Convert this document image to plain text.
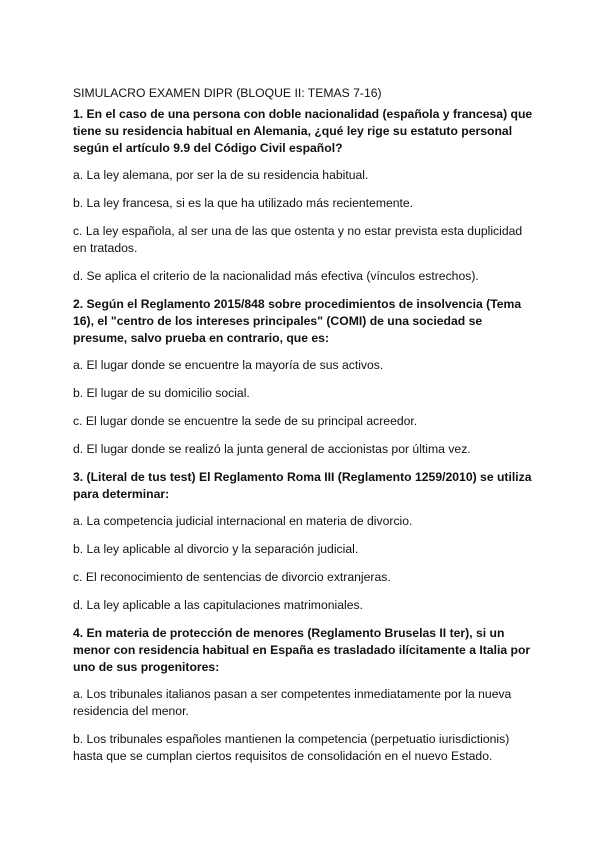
SIMULACRO EXAMEN DIPR (BLOQUE II: TEMAS 7-16)
1. En el caso de una persona con doble nacionalidad (española y francesa) que tiene su residencia habitual en Alemania, ¿qué ley rige su estatuto personal según el artículo 9.9 del Código Civil español?
a. La ley alemana, por ser la de su residencia habitual.
b. La ley francesa, si es la que ha utilizado más recientemente.
c. La ley española, al ser una de las que ostenta y no estar prevista esta duplicidad en tratados.
d. Se aplica el criterio de la nacionalidad más efectiva (vínculos estrechos).
2. Según el Reglamento 2015/848 sobre procedimientos de insolvencia (Tema 16), el "centro de los intereses principales" (COMI) de una sociedad se presume, salvo prueba en contrario, que es:
a. El lugar donde se encuentre la mayoría de sus activos.
b. El lugar de su domicilio social.
c. El lugar donde se encuentre la sede de su principal acreedor.
d. El lugar donde se realizó la junta general de accionistas por última vez.
3. (Literal de tus test) El Reglamento Roma III (Reglamento 1259/2010) se utiliza para determinar:
a. La competencia judicial internacional en materia de divorcio.
b. La ley aplicable al divorcio y la separación judicial.
c. El reconocimiento de sentencias de divorcio extranjeras.
d. La ley aplicable a las capitulaciones matrimoniales.
4. En materia de protección de menores (Reglamento Bruselas II ter), si un menor con residencia habitual en España es trasladado ilícitamente a Italia por uno de sus progenitores:
a. Los tribunales italianos pasan a ser competentes inmediatamente por la nueva residencia del menor.
b. Los tribunales españoles mantienen la competencia (perpetuatio iurisdictionis) hasta que se cumplan ciertos requisitos de consolidación en el nuevo Estado.
